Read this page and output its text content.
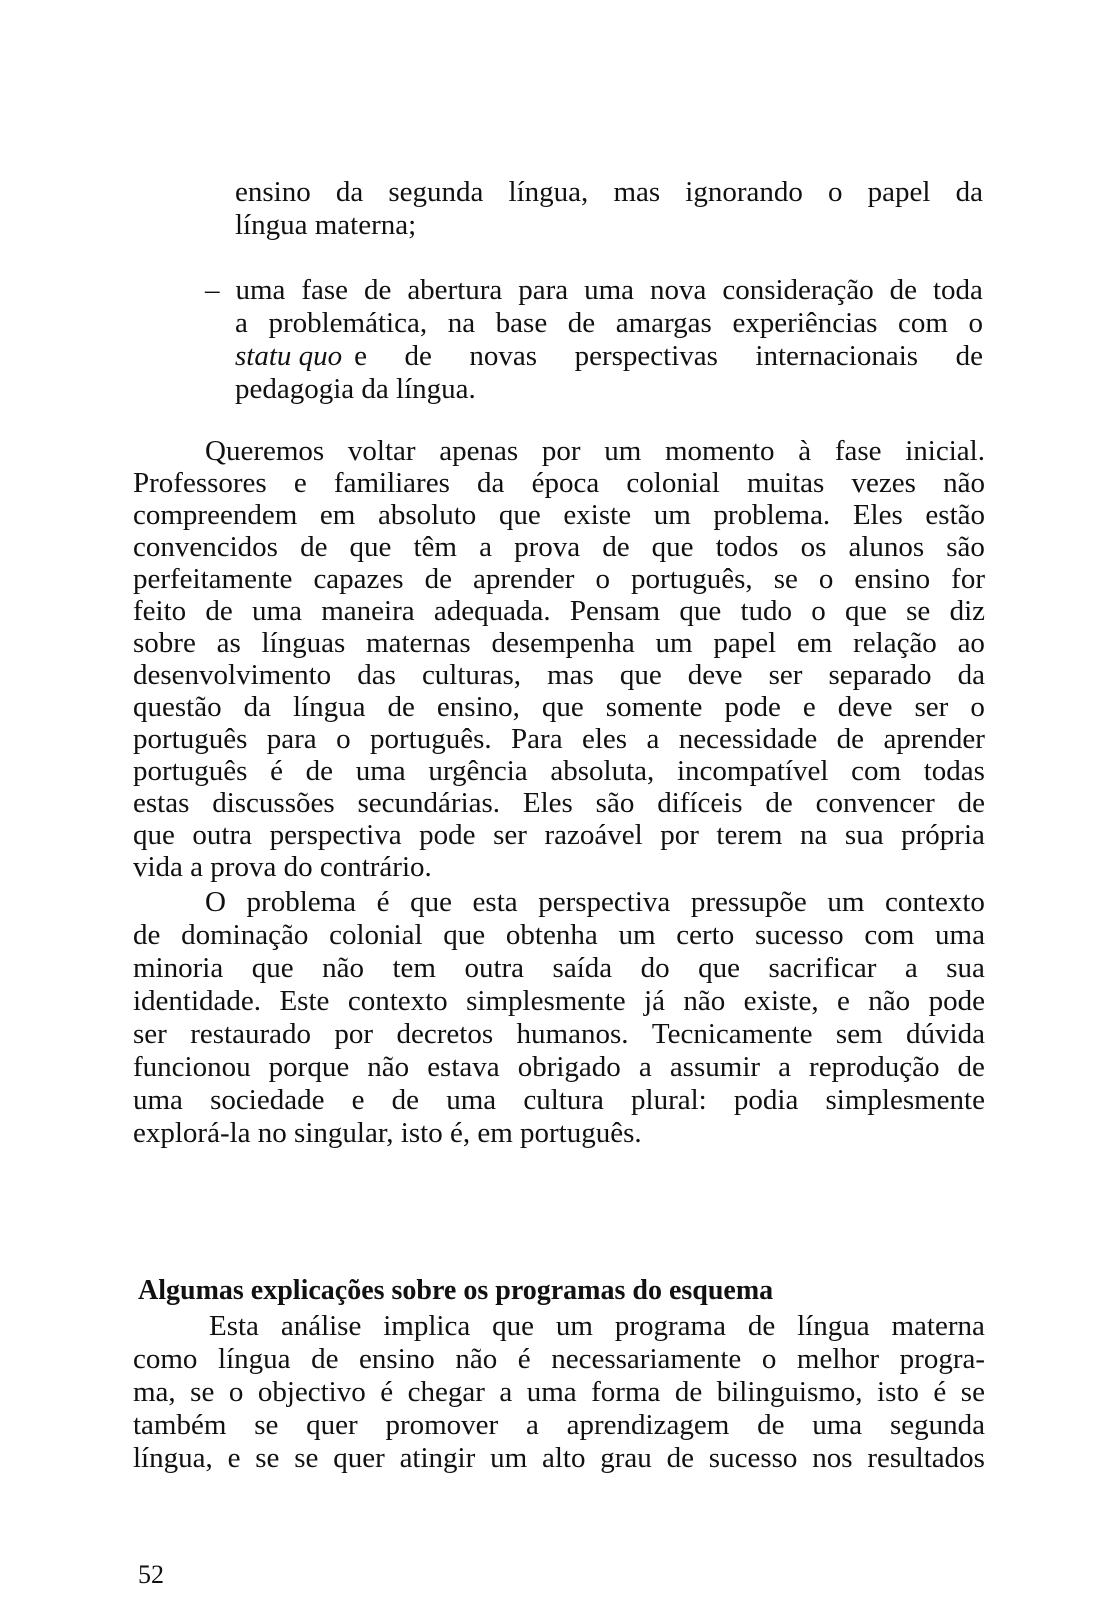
ensino da segunda língua, mas ignorando o papel da
língua materna;
– uma fase de abertura para uma nova consideração de toda
a problemática, na base de amargas experiências com o
statu quo e de novas perspectivas internacionais de
pedagogia da língua.
Queremos voltar apenas por um momento à fase inicial.
Professores e familiares da época colonial muitas vezes não
compreendem em absoluto que existe um problema. Eles estão
convencidos de que têm a prova de que todos os alunos são
perfeitamente capazes de aprender o português, se o ensino for
feito de uma maneira adequada. Pensam que tudo o que se diz
sobre as línguas maternas desempenha um papel em relação ao
desenvolvimento das culturas, mas que deve ser separado da
questão da língua de ensino, que somente pode e deve ser o
português para o português. Para eles a necessidade de aprender
português é de uma urgência absoluta, incompatível com todas
estas discussões secundárias. Eles são difíceis de convencer de
que outra perspectiva pode ser razoável por terem na sua própria
vida a prova do contrário.
O problema é que esta perspectiva pressupõe um contexto
de dominação colonial que obtenha um certo sucesso com uma
minoria que não tem outra saída do que sacrificar a sua
identidade. Este contexto simplesmente já não existe, e não pode
ser restaurado por decretos humanos. Tecnicamente sem dúvida
funcionou porque não estava obrigado a assumir a reprodução de
uma sociedade e de uma cultura plural: podia simplesmente
explorá-la no singular, isto é, em português.
Algumas explicações sobre os programas do esquema
Esta análise implica que um programa de língua materna
como língua de ensino não é necessariamente o melhor progra-
ma, se o objectivo é chegar a uma forma de bilinguismo, isto é se
também se quer promover a aprendizagem de uma segunda
língua, e se se quer atingir um alto grau de sucesso nos resultados
52
